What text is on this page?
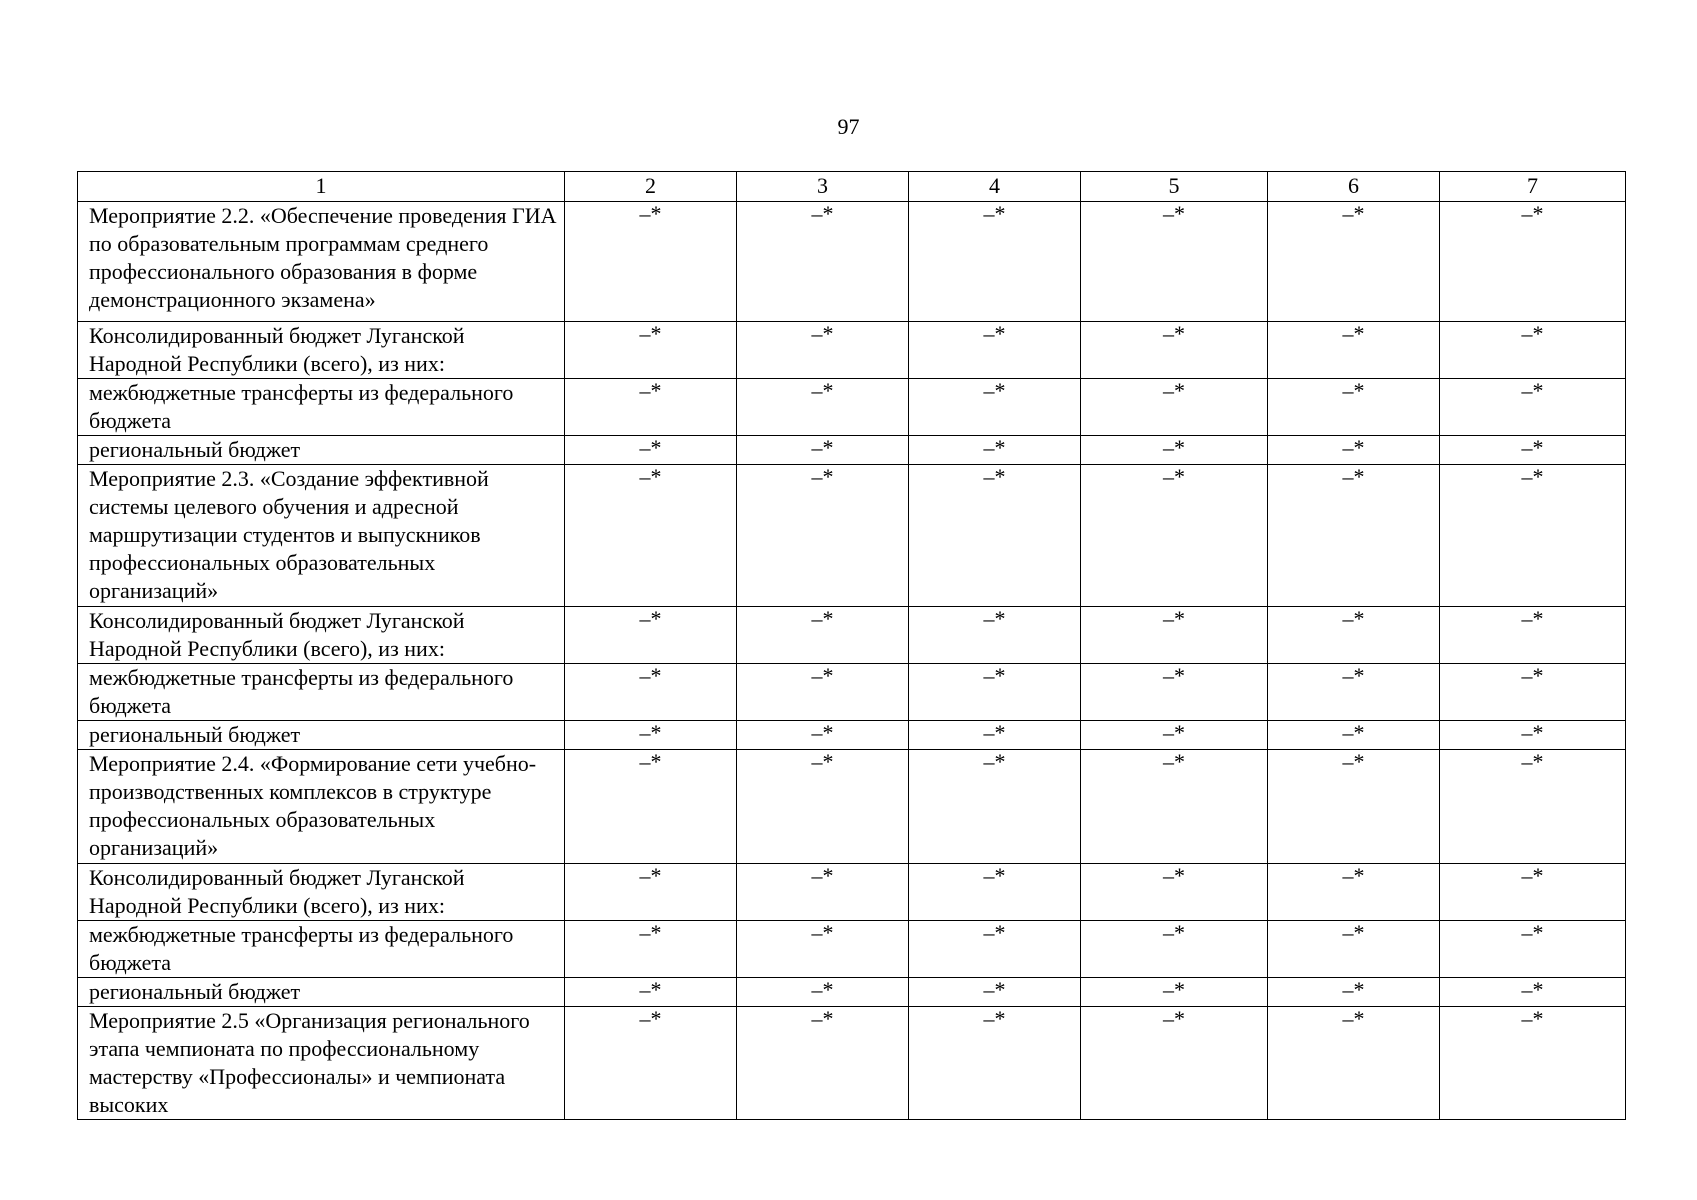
97
1	2	3	4	5	6	7
Мероприятие 2.2. «Обеспечение проведения ГИА по образовательным программам среднего профессионального образования в форме демонстрационного экзамена»	–*	–*	–*	–*	–*	–*
Консолидированный бюджет Луганской Народной Республики (всего), из них:	–*	–*	–*	–*	–*	–*
межбюджетные трансферты из федерального бюджета	–*	–*	–*	–*	–*	–*
региональный бюджет	–*	–*	–*	–*	–*	–*
Мероприятие 2.3. «Создание эффективной системы целевого обучения и адресной маршрутизации студентов и выпускников профессиональных образовательных организаций»	–*	–*	–*	–*	–*	–*
Консолидированный бюджет Луганской Народной Республики (всего), из них:	–*	–*	–*	–*	–*	–*
межбюджетные трансферты из федерального бюджета	–*	–*	–*	–*	–*	–*
региональный бюджет	–*	–*	–*	–*	–*	–*
Мероприятие 2.4. «Формирование сети учебно-производственных комплексов в структуре профессиональных образовательных организаций»	–*	–*	–*	–*	–*	–*
Консолидированный бюджет Луганской Народной Республики (всего), из них:	–*	–*	–*	–*	–*	–*
межбюджетные трансферты из федерального бюджета	–*	–*	–*	–*	–*	–*
региональный бюджет	–*	–*	–*	–*	–*	–*
Мероприятие 2.5 «Организация регионального этапа чемпионата по профессиональному мастерству «Профессионалы» и чемпионата высоких	–*	–*	–*	–*	–*	–*
